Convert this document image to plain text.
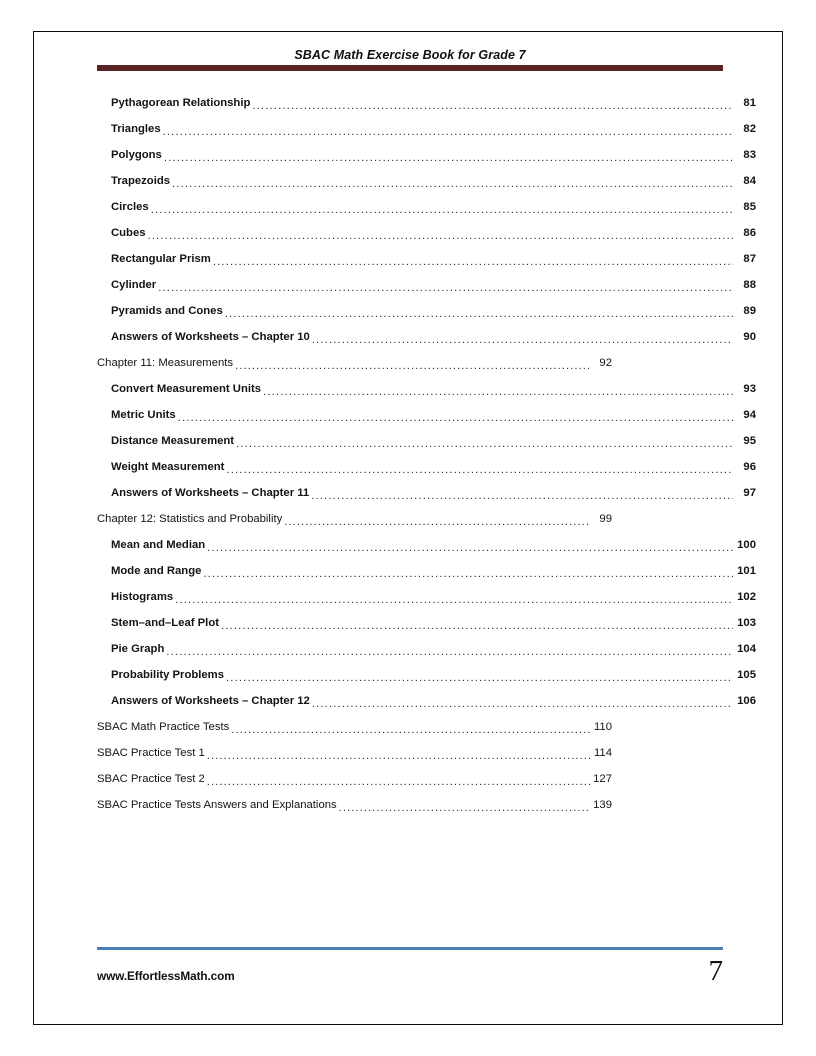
SBAC Math Exercise Book for Grade 7
Pythagorean Relationship .....	81
Triangles .....	82
Polygons .....	83
Trapezoids .....	84
Circles .....	85
Cubes .....	86
Rectangular Prism .....	87
Cylinder .....	88
Pyramids and Cones .....	89
Answers of Worksheets – Chapter 10 .....	90
Chapter 11: Measurements .....	92
Convert Measurement Units .....	93
Metric Units .....	94
Distance Measurement .....	95
Weight Measurement .....	96
Answers of Worksheets – Chapter 11 .....	97
Chapter 12: Statistics and Probability .....	99
Mean and Median .....	100
Mode and Range .....	101
Histograms .....	102
Stem–and–Leaf Plot .....	103
Pie Graph .....	104
Probability Problems .....	105
Answers of Worksheets – Chapter 12 .....	106
SBAC Math Practice Tests .....	110
SBAC Practice Test 1 .....	114
SBAC Practice Test 2 .....	127
SBAC Practice Tests Answers and Explanations .....	139
www.EffortlessMath.com	7
